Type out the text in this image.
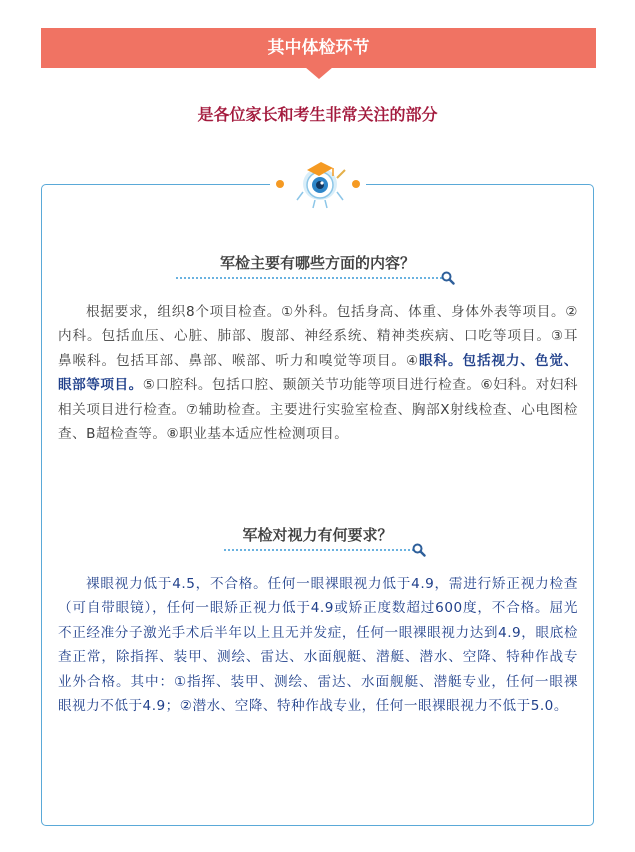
其中体检环节
是各位家长和考生非常关注的部分
军检主要有哪些方面的内容？

根据要求，组织8个项目检查。①外科。包括身高、体重、身体外表等项目。②内科。包括血压、心脏、肺部、腹部、神经系统、精神类疾病、口吃等项目。③耳鼻喉科。包括耳部、鼻部、喉部、听力和嗅觉等项目。④眼科。包括视力、色觉、眼部等项目。⑤口腔科。包括口腔、颞颌关节功能等项目进行检查。⑥妇科。对妇科相关项目进行检查。⑦辅助检查。主要进行实验室检查、胸部X射线检查、心电图检查、B超检查等。⑧职业基本适应性检测项目。

军检对视力有何要求？

裸眼视力低于4.5，不合格。任何一眼裸眼视力低于4.9，需进行矫正视力检查（可自带眼镜），任何一眼矫正视力低于4.9或矫正度数超过600度，不合格。屈光不正经准分子激光手术后半年以上且无并发症，任何一眼裸眼视力达到4.9，眼底检查正常，除指挥、装甲、测绘、雷达、水面舰艇、潜艇、潜水、空降、特种作战专业外合格。其中：①指挥、装甲、测绘、雷达、水面舰艇、潜艇专业，任何一眼裸眼视力不低于4.9；②潜水、空降、特种作战专业，任何一眼裸眼视力不低于5.0。
